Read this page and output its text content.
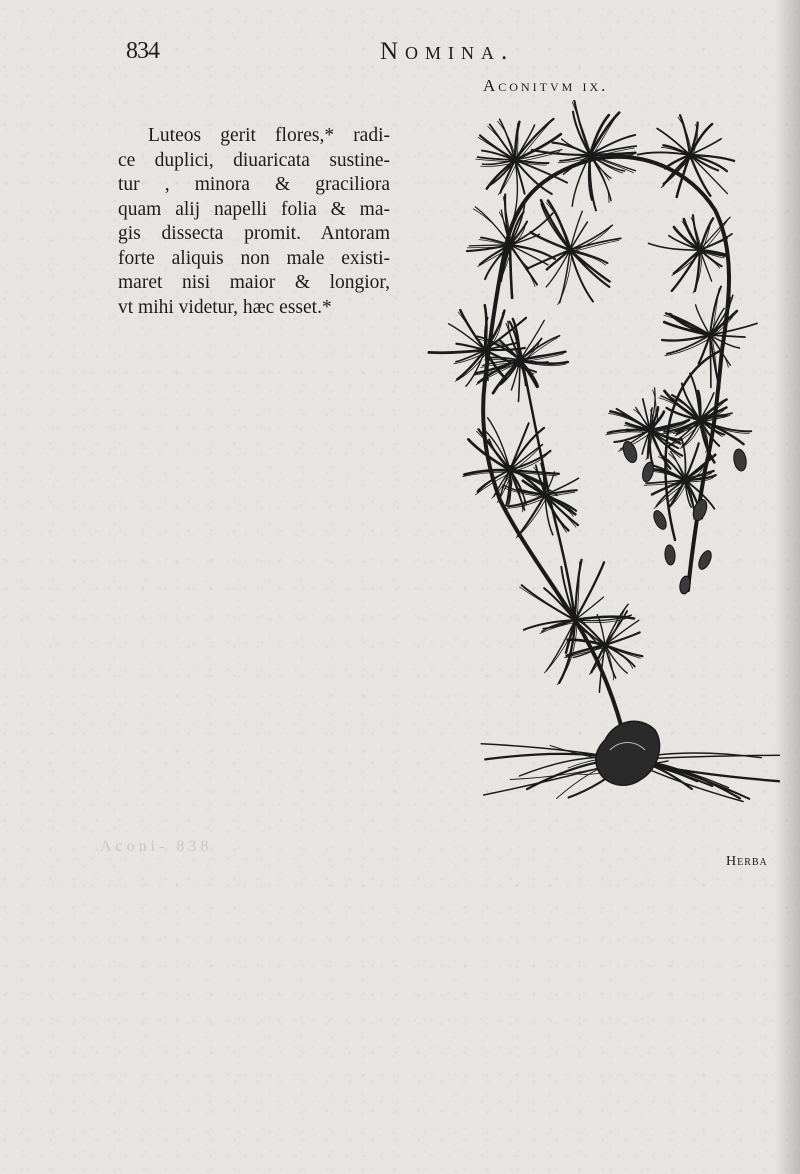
834	Nomina.
Aconitvm ix.

Luteos gerit flores,* radi-
ce duplici, diuaricata sustine-
tur , minora & graciliora
quam alij napelli folia & ma-
gis dissecta promit. Antoram
forte aliquis non male existi-
maret nisi maior & longior,
vt mihi videtur, hæc esset.*

Aconi- 838
Herba
